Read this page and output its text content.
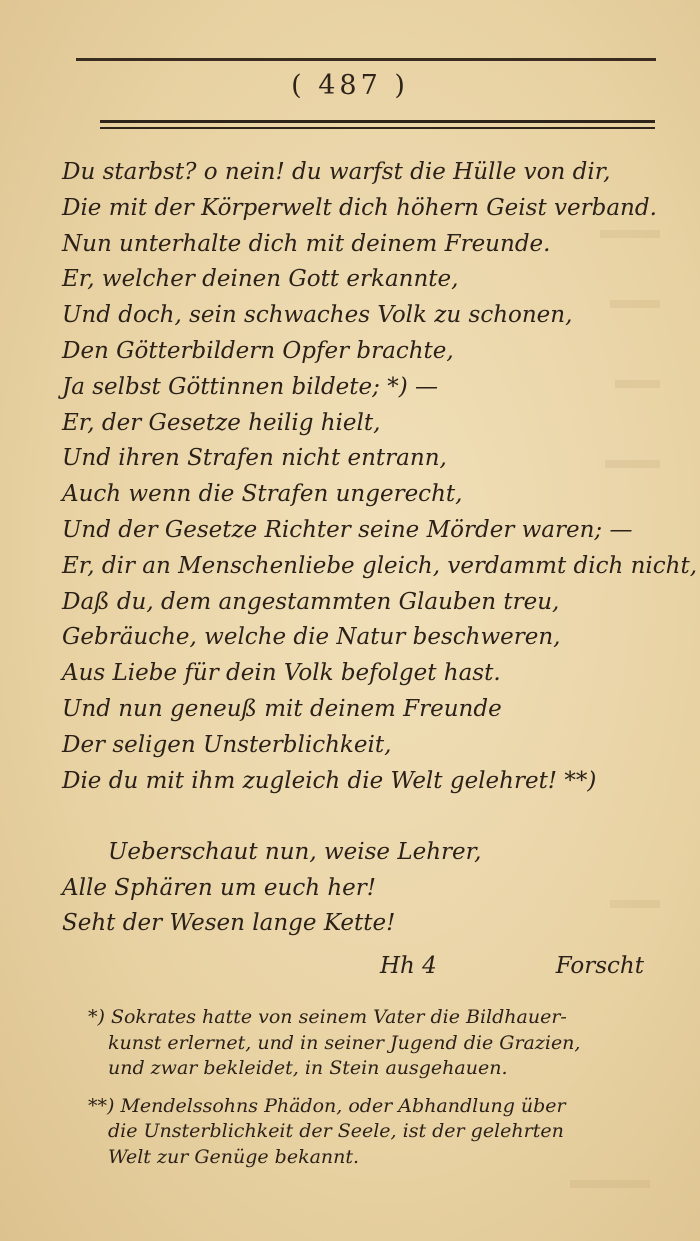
( 487 )
Du starbst? o nein! du warfst die Hülle von dir,
Die mit der Körperwelt dich höhern Geist verband.
Nun unterhalte dich mit deinem Freunde.
Er, welcher deinen Gott erkannte,
Und doch, sein schwaches Volk zu schonen,
Den Götterbildern Opfer brachte,
Ja selbst Göttinnen bildete; *) —
Er, der Gesetze heilig hielt,
Und ihren Strafen nicht entrann,
Auch wenn die Strafen ungerecht,
Und der Gesetze Richter seine Mörder waren; —
Er, dir an Menschenliebe gleich, verdammt dich nicht,
Daß du, dem angestammten Glauben treu,
Gebräuche, welche die Natur beschweren,
Aus Liebe für dein Volk befolget hast.
Und nun geneuß mit deinem Freunde
Der seligen Unsterblichkeit,
Die du mit ihm zugleich die Welt gelehret! **)
Ueberschaut nun, weise Lehrer,
Alle Sphären um euch her!
Seht der Wesen lange Kette!
Hh 4	Forscht
*) Sokrates hatte von seinem Vater die Bildhauer-
kunst erlernet, und in seiner Jugend die Grazien,
und zwar bekleidet, in Stein ausgehauen.
**) Mendelssohns Phädon, oder Abhandlung über
die Unsterblichkeit der Seele, ist der gelehrten
Welt zur Genüge bekannt.
